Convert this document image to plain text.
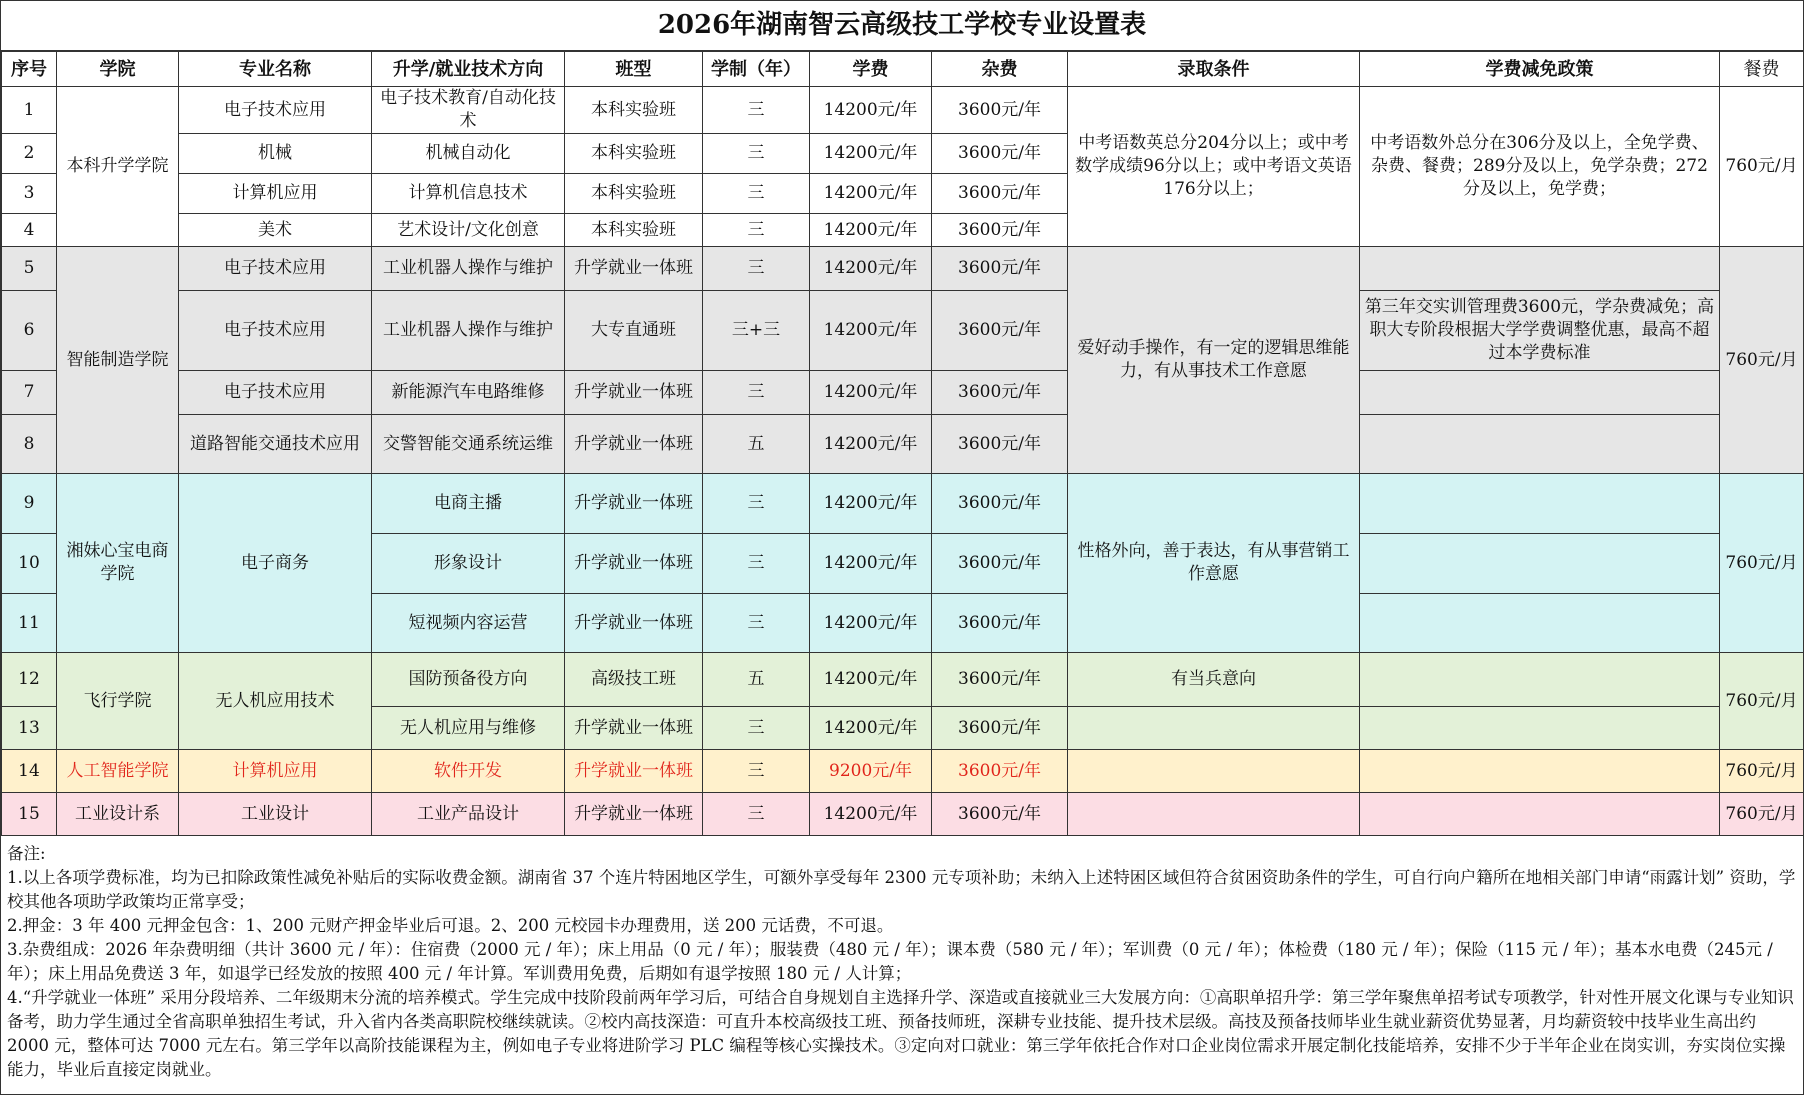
2026年湖南智云高级技工学校专业设置表
序号	学院	专业名称	升学/就业技术方向	班型	学制（年）	学费	杂费	录取条件	学费减免政策	餐费
1	本科升学学院	电子技术应用	电子技术教育/自动化技术	本科实验班	三	14200元/年	3600元/年	中考语数英总分204分以上；或中考数学成绩96分以上；或中考语文英语176分以上；	中考语数外总分在306分及以上，全免学费、杂费、餐费；289分及以上，免学杂费；272分及以上，免学费；	760元/月
2		机械	机械自动化	本科实验班	三	14200元/年	3600元/年			
3		计算机应用	计算机信息技术	本科实验班	三	14200元/年	3600元/年			
4		美术	艺术设计/文化创意	本科实验班	三	14200元/年	3600元/年			
5	智能制造学院	电子技术应用	工业机器人操作与维护	升学就业一体班	三	14200元/年	3600元/年	爱好动手操作，有一定的逻辑思维能力，有从事技术工作意愿		760元/月
6		电子技术应用	工业机器人操作与维护	大专直通班	三+三	14200元/年	3600元/年		第三年交实训管理费3600元，学杂费减免；高职大专阶段根据大学学费调整优惠，最高不超过本学费标准	
7		电子技术应用	新能源汽车电路维修	升学就业一体班	三	14200元/年	3600元/年			
8		道路智能交通技术应用	交警智能交通系统运维	升学就业一体班	五	14200元/年	3600元/年			
9	湘妹心宝电商学院	电子商务	电商主播	升学就业一体班	三	14200元/年	3600元/年	性格外向，善于表达，有从事营销工作意愿		760元/月
10			形象设计	升学就业一体班	三	14200元/年	3600元/年			
11			短视频内容运营	升学就业一体班	三	14200元/年	3600元/年			
12	飞行学院	无人机应用技术	国防预备役方向	高级技工班	五	14200元/年	3600元/年	有当兵意向		760元/月
13			无人机应用与维修	升学就业一体班	三	14200元/年	3600元/年			
14	人工智能学院	计算机应用	软件开发	升学就业一体班	三	9200元/年	3600元/年			760元/月
15	工业设计系	工业设计	工业产品设计	升学就业一体班	三	14200元/年	3600元/年			760元/月

备注:

1.以上各项学费标准，均为已扣除政策性减免补贴后的实际收费金额。湖南省 37 个连片特困地区学生，可额外享受每年 2300 元专项补助；未纳入上述特困区域但符合贫困资助条件的学生，可自行向户籍所在地相关部门申请“雨露计划” 资助，学校其他各项助学政策均正常享受；

2.押金：3 年 400 元押金包含：1、200 元财产押金毕业后可退。2、200 元校园卡办理费用，送 200 元话费，不可退。

3.杂费组成：2026 年杂费明细（共计 3600 元 / 年）：住宿费（2000 元 / 年）；床上用品（0 元 / 年）；服装费（480 元 / 年）；课本费（580 元 / 年）；军训费（0 元 / 年）；体检费（180 元 / 年）；保险（115 元 / 年）；基本水电费（245元 / 年）；床上用品免费送 3 年，如退学已经发放的按照 400 元 / 年计算。军训费用免费，后期如有退学按照 180 元 / 人计算；

4.“升学就业一体班” 采用分段培养、二年级期末分流的培养模式。学生完成中技阶段前两年学习后，可结合自身规划自主选择升学、深造或直接就业三大发展方向：①高职单招升学：第三学年聚焦单招考试专项教学，针对性开展文化课与专业知识备考，助力学生通过全省高职单独招生考试，升入省内各类高职院校继续就读。②校内高技深造：可直升本校高级技工班、预备技师班，深耕专业技能、提升技术层级。高技及预备技师毕业生就业薪资优势显著，月均薪资较中技毕业生高出约 2000 元，整体可达 7000 元左右。第三学年以高阶技能课程为主，例如电子专业将进阶学习 PLC 编程等核心实操技术。③定向对口就业：第三学年依托合作对口企业岗位需求开展定制化技能培养，安排不少于半年企业在岗实训，夯实岗位实操能力，毕业后直接定岗就业。
